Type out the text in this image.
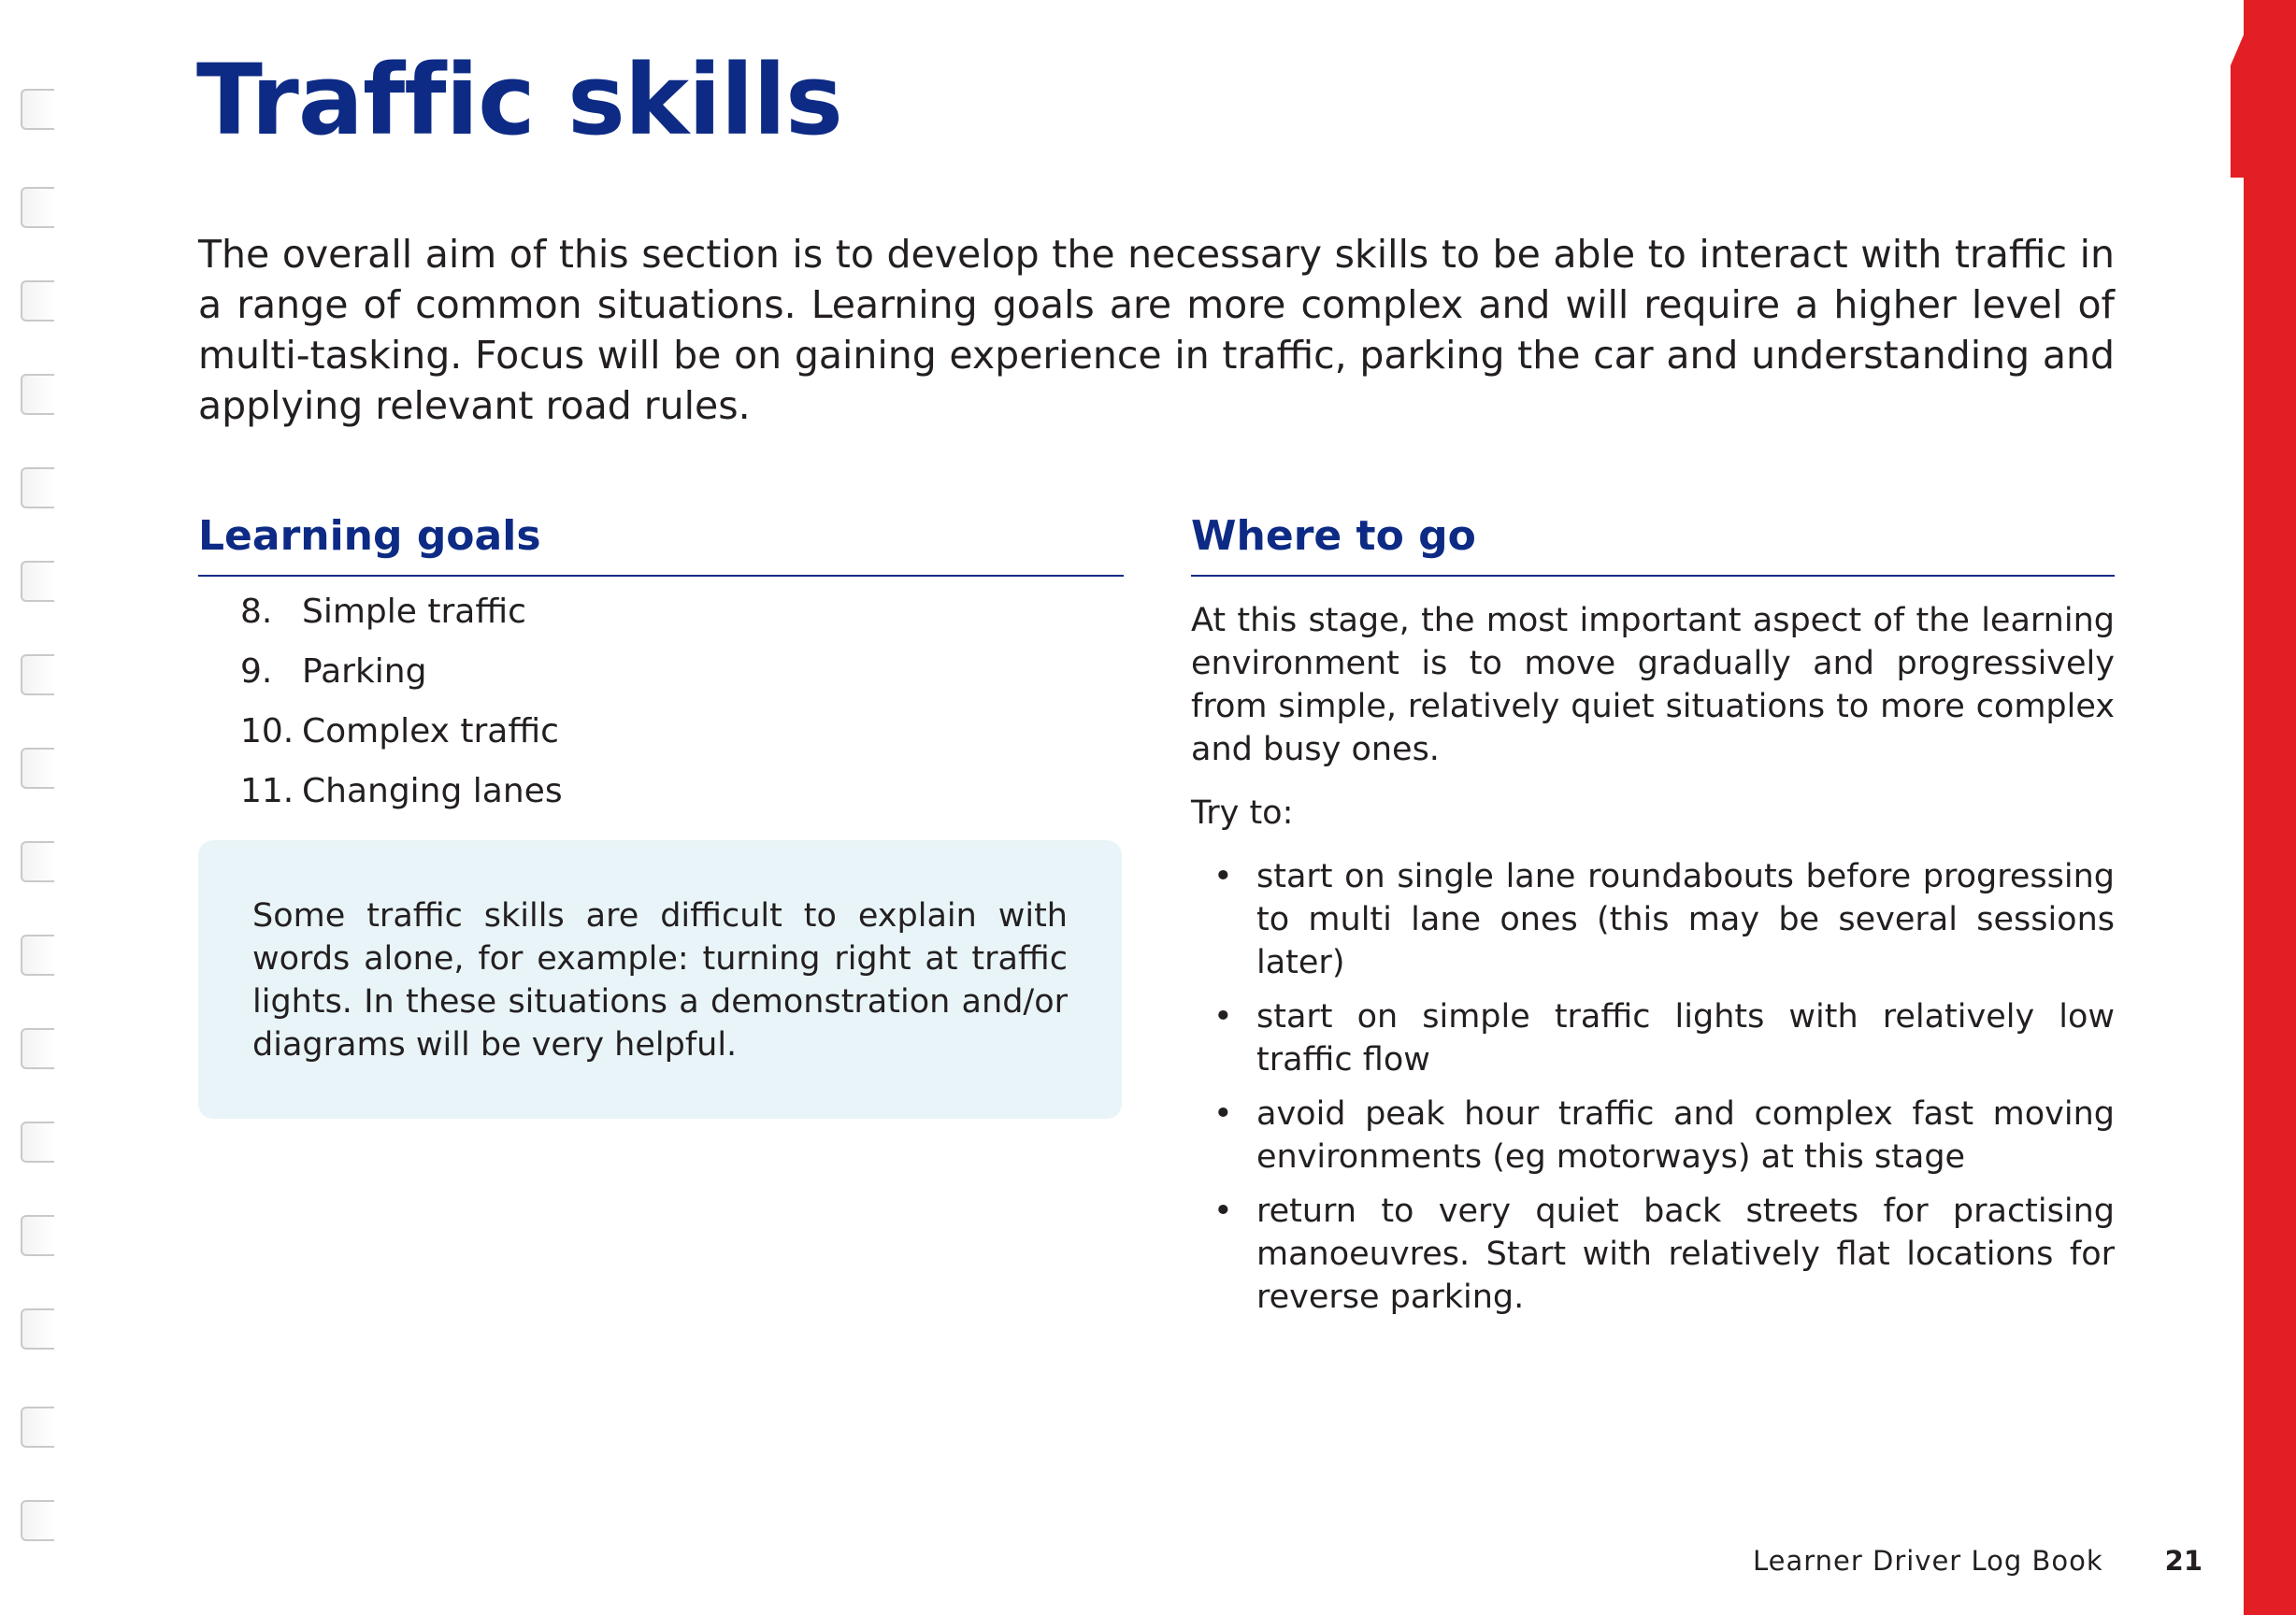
Traffic skills

The overall aim of this section is to develop the necessary skills to be able to interact with traffic in a range of common situations. Learning goals are more complex and will require a higher level of multi-tasking. Focus will be on gaining experience in traffic, parking the car and understanding and applying relevant road rules.

Learning goals
8. Simple traffic
9. Parking
10. Complex traffic
11. Changing lanes

Some traffic skills are difficult to explain with words alone, for example: turning right at traffic lights. In these situations a demonstration and/or diagrams will be very helpful.

Where to go

At this stage, the most important aspect of the learning environment is to move gradually and progressively from simple, relatively quiet situations to more complex and busy ones.

Try to:

• start on single lane roundabouts before progressing to multi lane ones (this may be several sessions later)
• start on simple traffic lights with relatively low traffic flow
• avoid peak hour traffic and complex fast moving environments (eg motorways) at this stage
• return to very quiet back streets for practising manoeuvres. Start with relatively flat locations for reverse parking.
Learner Driver Log Book 21
